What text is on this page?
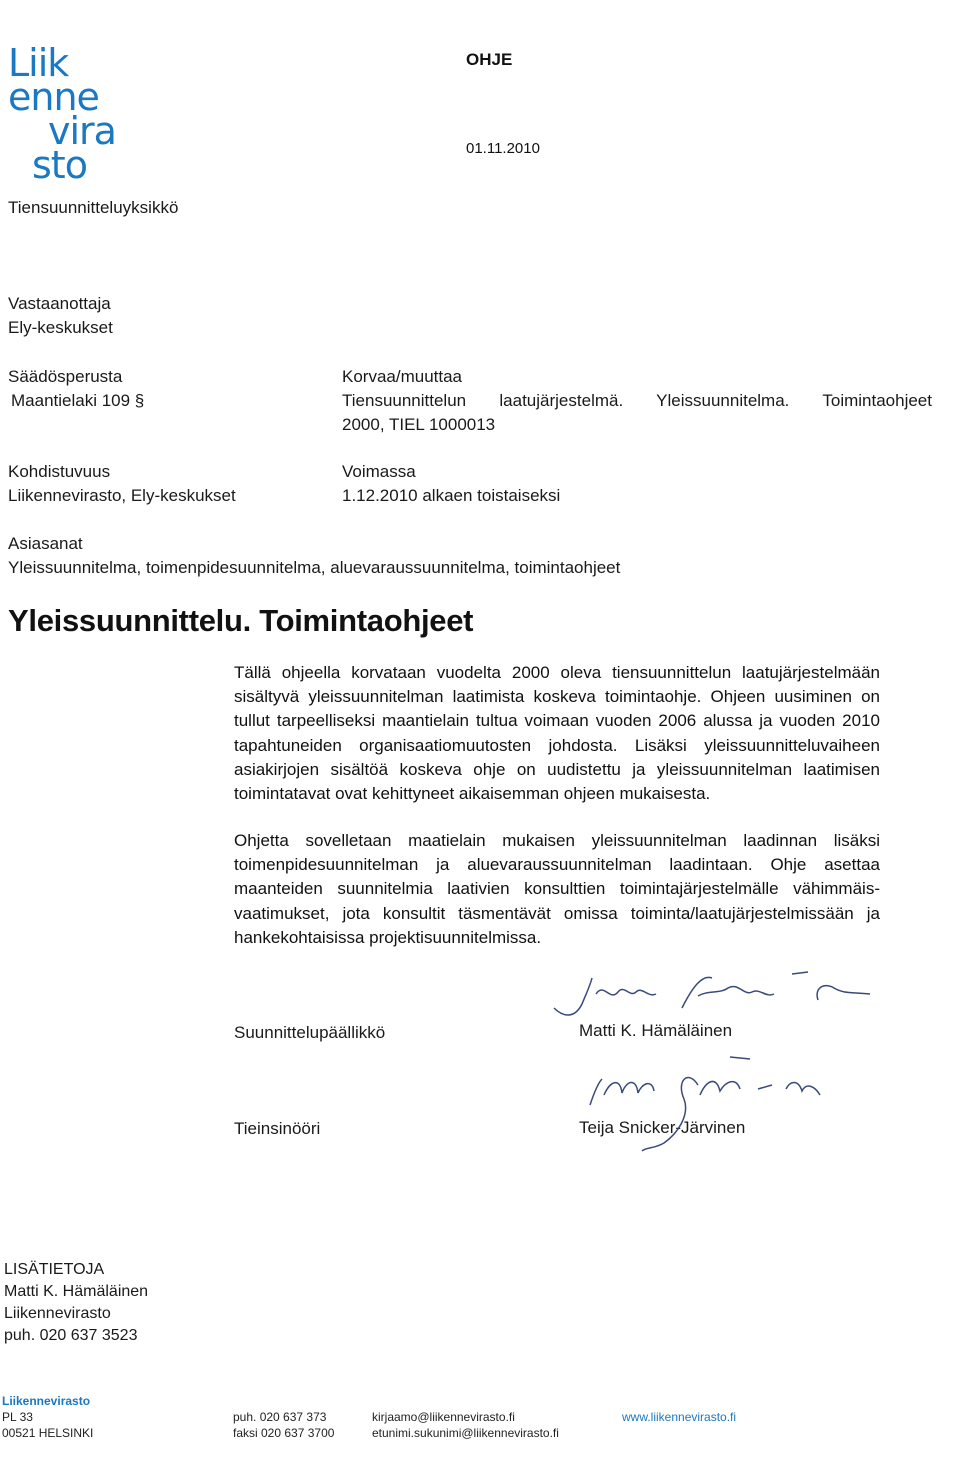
Liik
enne
vira
sto
OHJE
01.11.2010
Tiensuunnitteluyksikkö
Vastaanottaja
Ely-keskukset
Säädösperusta
Maantielaki 109 §
Korvaa/muuttaa
Tiensuunnittelun laatujärjestelmä. Yleissuunnitelma. Toimintaohjeet
2000, TIEL 1000013
Kohdistuvuus
Liikennevirasto, Ely-keskukset
Voimassa
1.12.2010 alkaen toistaiseksi
Asiasanat
Yleissuunnitelma, toimenpidesuunnitelma, aluevaraussuunnitelma, toimintaohjeet
Yleissuunnittelu. Toimintaohjeet
Tällä ohjeella korvataan vuodelta 2000 oleva tiensuunnittelun laatujärjestelmään sisältyvä yleissuunnitelman laatimista koskeva toimintaohje. Ohjeen uusiminen on tullut tarpeelliseksi maantielain tultua voimaan vuoden 2006 alussa ja vuoden 2010 tapahtuneiden organisaatiomuutosten johdosta. Lisäksi yleissuunnitteluvaiheen asiakirjojen sisältöä koskeva ohje on uudistettu ja yleissuunnitelman laatimisen toimintatavat ovat kehittyneet aikaisemman ohjeen mukaisesta.
Ohjetta sovelletaan maatielain mukaisen yleissuunnitelman laadinnan lisäksi toimenpidesuunnitelman ja aluevaraussuunnitelman laadintaan. Ohje asettaa maanteiden suunnitelmia laativien konsulttien toimintajärjestelmälle vähimmäisvaatimukset, jota konsultit täsmentävät omissa toiminta/laatujärjestelmissään ja hankekohtaisissa projektisuunnitelmissa.
Suunnittelupäällikkö	Matti K. Hämäläinen
Tieinsinööri	Teija Snicker-Järvinen
LISÄTIETOJA
Matti K. Hämäläinen
Liikennevirasto
puh. 020 637 3523
Liikennevirasto
PL 33
00521 HELSINKI
puh. 020 637 373
faksi 020 637 3700
kirjaamo@liikennevirasto.fi
etunimi.sukunimi@liikennevirasto.fi
www.liikennevirasto.fi
